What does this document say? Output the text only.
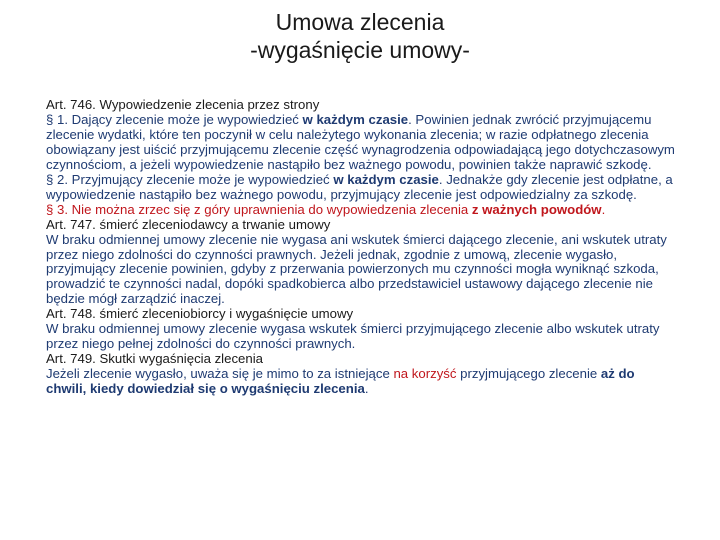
Umowa zlecenia
-wygaśnięcie umowy-

Art. 746. Wypowiedzenie zlecenia przez strony

§ 1. Dający zlecenie może je wypowiedzieć w każdym czasie. Powinien jednak zwrócić przyjmującemu zlecenie wydatki, które ten poczynił w celu należytego wykonania zlecenia; w razie odpłatnego zlecenia obowiązany jest uiścić przyjmującemu zlecenie część wynagrodzenia odpowiadającą jego dotychczasowym czynnościom, a jeżeli wypowiedzenie nastąpiło bez ważnego powodu, powinien także naprawić szkodę.

§ 2. Przyjmujący zlecenie może je wypowiedzieć w każdym czasie. Jednakże gdy zlecenie jest odpłatne, a wypowiedzenie nastąpiło bez ważnego powodu, przyjmujący zlecenie jest odpowiedzialny za szkodę.

§ 3. Nie można zrzec się z góry uprawnienia do wypowiedzenia zlecenia z ważnych powodów.

Art. 747. śmierć zleceniodawcy a trwanie umowy

W braku odmiennej umowy zlecenie nie wygasa ani wskutek śmierci dającego zlecenie, ani wskutek utraty przez niego zdolności do czynności prawnych. Jeżeli jednak, zgodnie z umową, zlecenie wygasło, przyjmujący zlecenie powinien, gdyby z przerwania powierzonych mu czynności mogła wyniknąć szkoda, prowadzić te czynności nadal, dopóki spadkobierca albo przedstawiciel ustawowy dającego zlecenie nie będzie mógł zarządzić inaczej.

Art. 748. śmierć zleceniobiorcy i wygaśnięcie umowy

W braku odmiennej umowy zlecenie wygasa wskutek śmierci przyjmującego zlecenie albo wskutek utraty przez niego pełnej zdolności do czynności prawnych.

Art. 749. Skutki wygaśnięcia zlecenia

Jeżeli zlecenie wygasło, uważa się je mimo to za istniejące na korzyść przyjmującego zlecenie aż do chwili, kiedy dowiedział się o wygaśnięciu zlecenia.
